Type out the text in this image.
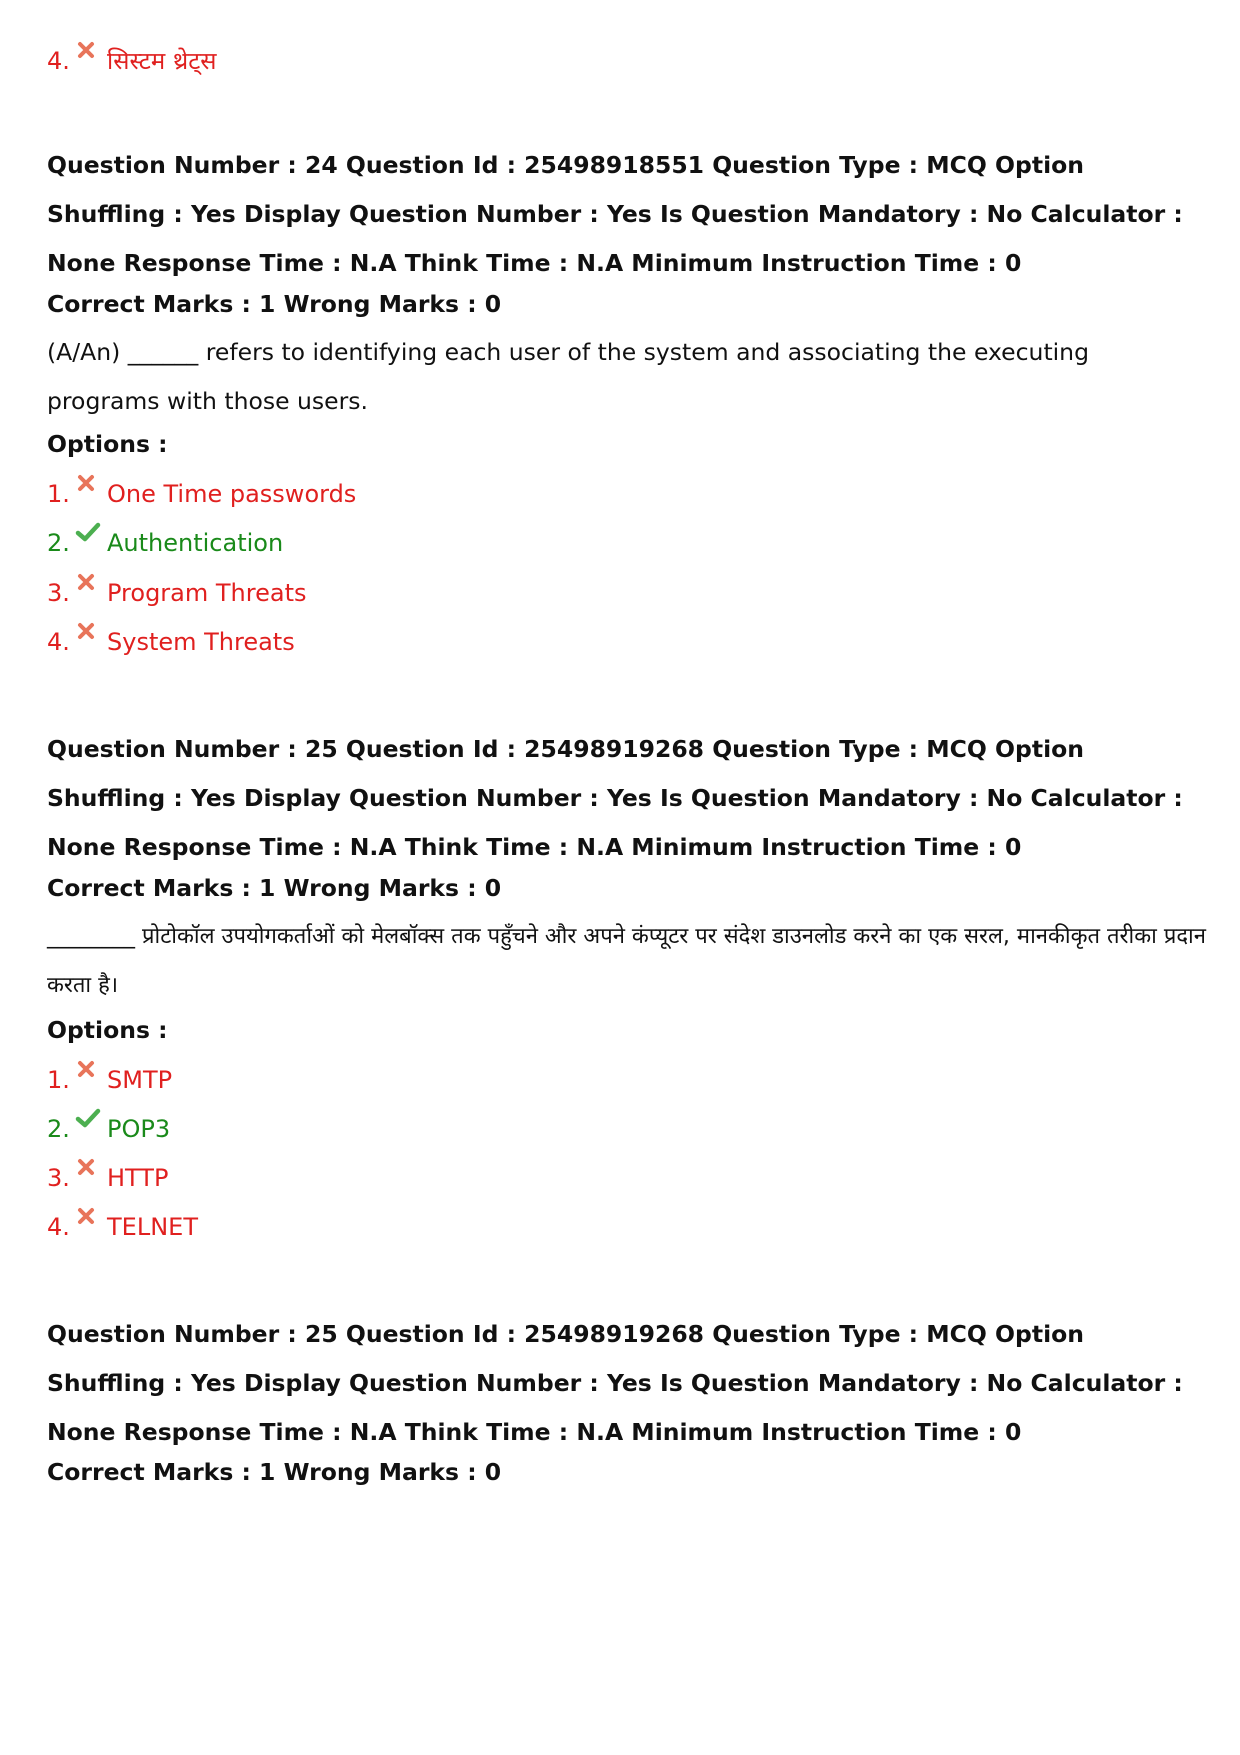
4. सिस्टम थ्रेट्स
Question Number : 24 Question Id : 25498918551 Question Type : MCQ Option Shuffling : Yes Display Question Number : Yes Is Question Mandatory : No Calculator : None Response Time : N.A Think Time : N.A Minimum Instruction Time : 0
Correct Marks : 1 Wrong Marks : 0
(A/An) ______ refers to identifying each user of the system and associating the executing programs with those users.
Options :
1. One Time passwords
2. Authentication
3. Program Threats
4. System Threats
Question Number : 25 Question Id : 25498919268 Question Type : MCQ Option Shuffling : Yes Display Question Number : Yes Is Question Mandatory : No Calculator : None Response Time : N.A Think Time : N.A Minimum Instruction Time : 0
Correct Marks : 1 Wrong Marks : 0
________ प्रोटोकॉल उपयोगकर्ताओं को मेलबॉक्स तक पहुँचने और अपने कंप्यूटर पर संदेश डाउनलोड करने का एक सरल, मानकीकृत तरीका प्रदान करता है।
Options :
1. SMTP
2. POP3
3. HTTP
4. TELNET
Question Number : 25 Question Id : 25498919268 Question Type : MCQ Option Shuffling : Yes Display Question Number : Yes Is Question Mandatory : No Calculator : None Response Time : N.A Think Time : N.A Minimum Instruction Time : 0
Correct Marks : 1 Wrong Marks : 0
